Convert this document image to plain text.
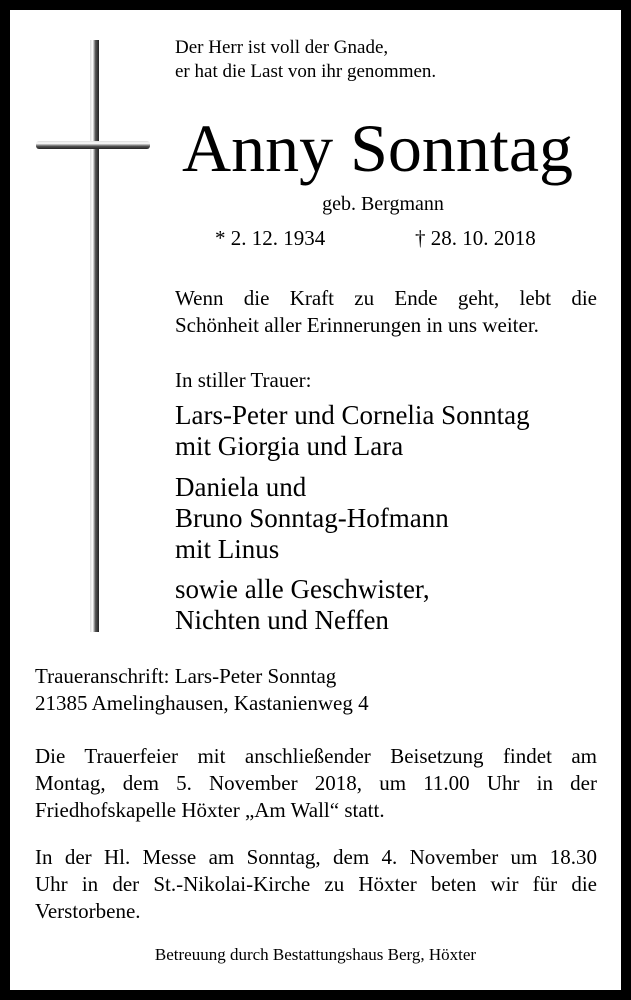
Der Herr ist voll der Gnade,
er hat die Last von ihr genommen.
Anny Sonntag
geb. Bergmann
* 2. 12. 1934	† 28. 10. 2018
Wenn die Kraft zu Ende geht, lebt die
Schönheit aller Erinnerungen in uns weiter.
In stiller Trauer:
Lars-Peter und Cornelia Sonntag
mit Giorgia und Lara
Daniela und
Bruno Sonntag-Hofmann
mit Linus
sowie alle Geschwister,
Nichten und Neffen
Traueranschrift: Lars-Peter Sonntag
21385 Amelinghausen, Kastanienweg 4
Die Trauerfeier mit anschließender Beisetzung findet am
Montag, dem 5. November 2018, um 11.00 Uhr in der
Friedhofskapelle Höxter „Am Wall“ statt.
In der Hl. Messe am Sonntag, dem 4. November um 18.30
Uhr in der St.-Nikolai-Kirche zu Höxter beten wir für die
Verstorbene.
Betreuung durch Bestattungshaus Berg, Höxter
